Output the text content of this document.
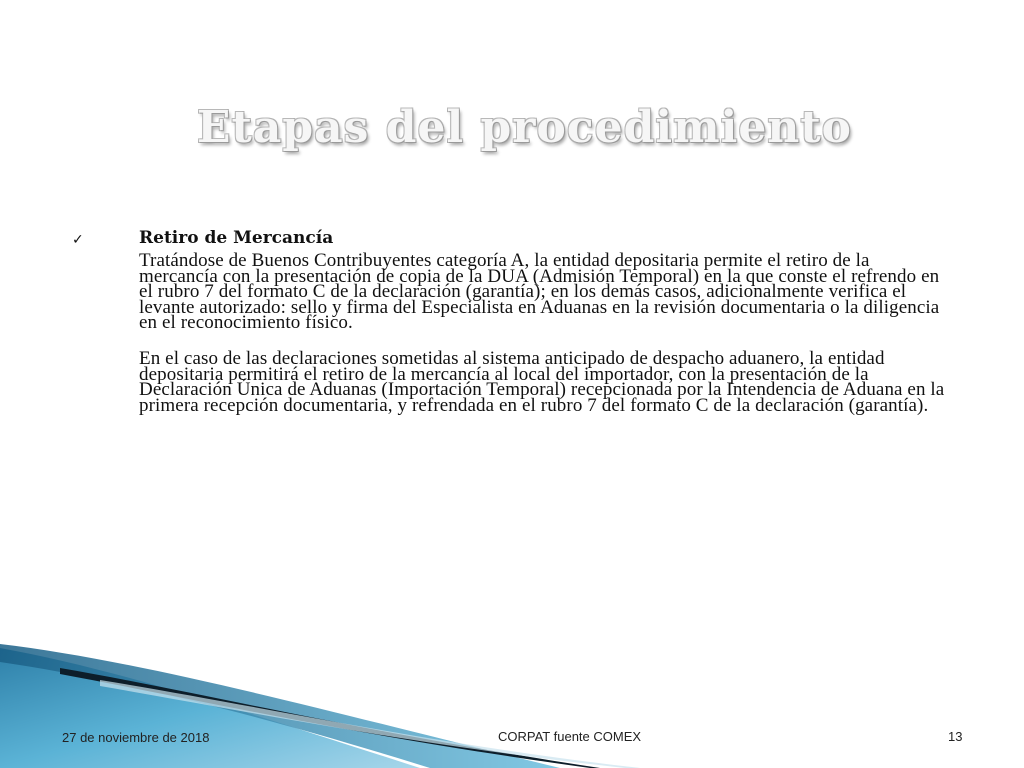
Etapas del procedimiento
✓	Retiro de Mercancía

Tratándose de Buenos Contribuyentes categoría A, la entidad depositaria permite el retiro de la mercancía con la presentación de copia de la DUA (Admisión Temporal) en la que conste el refrendo en el rubro 7 del formato C de la declaración (garantía); en los demás casos, adicionalmente verifica el levante autorizado: sello y firma del Especialista en Aduanas en la revisión documentaria o la diligencia en el reconocimiento físico.

En el caso de las declaraciones sometidas al sistema anticipado de despacho aduanero, la entidad depositaria permitirá el retiro de la mercancía al local del importador, con la presentación de la Declaración Única de Aduanas (Importación Temporal) recepcionada por la Intendencia de Aduana en la primera recepción documentaria, y refrendada en el rubro 7 del formato C de la declaración (garantía).

27 de noviembre de 2018	CORPAT fuente COMEX	13
